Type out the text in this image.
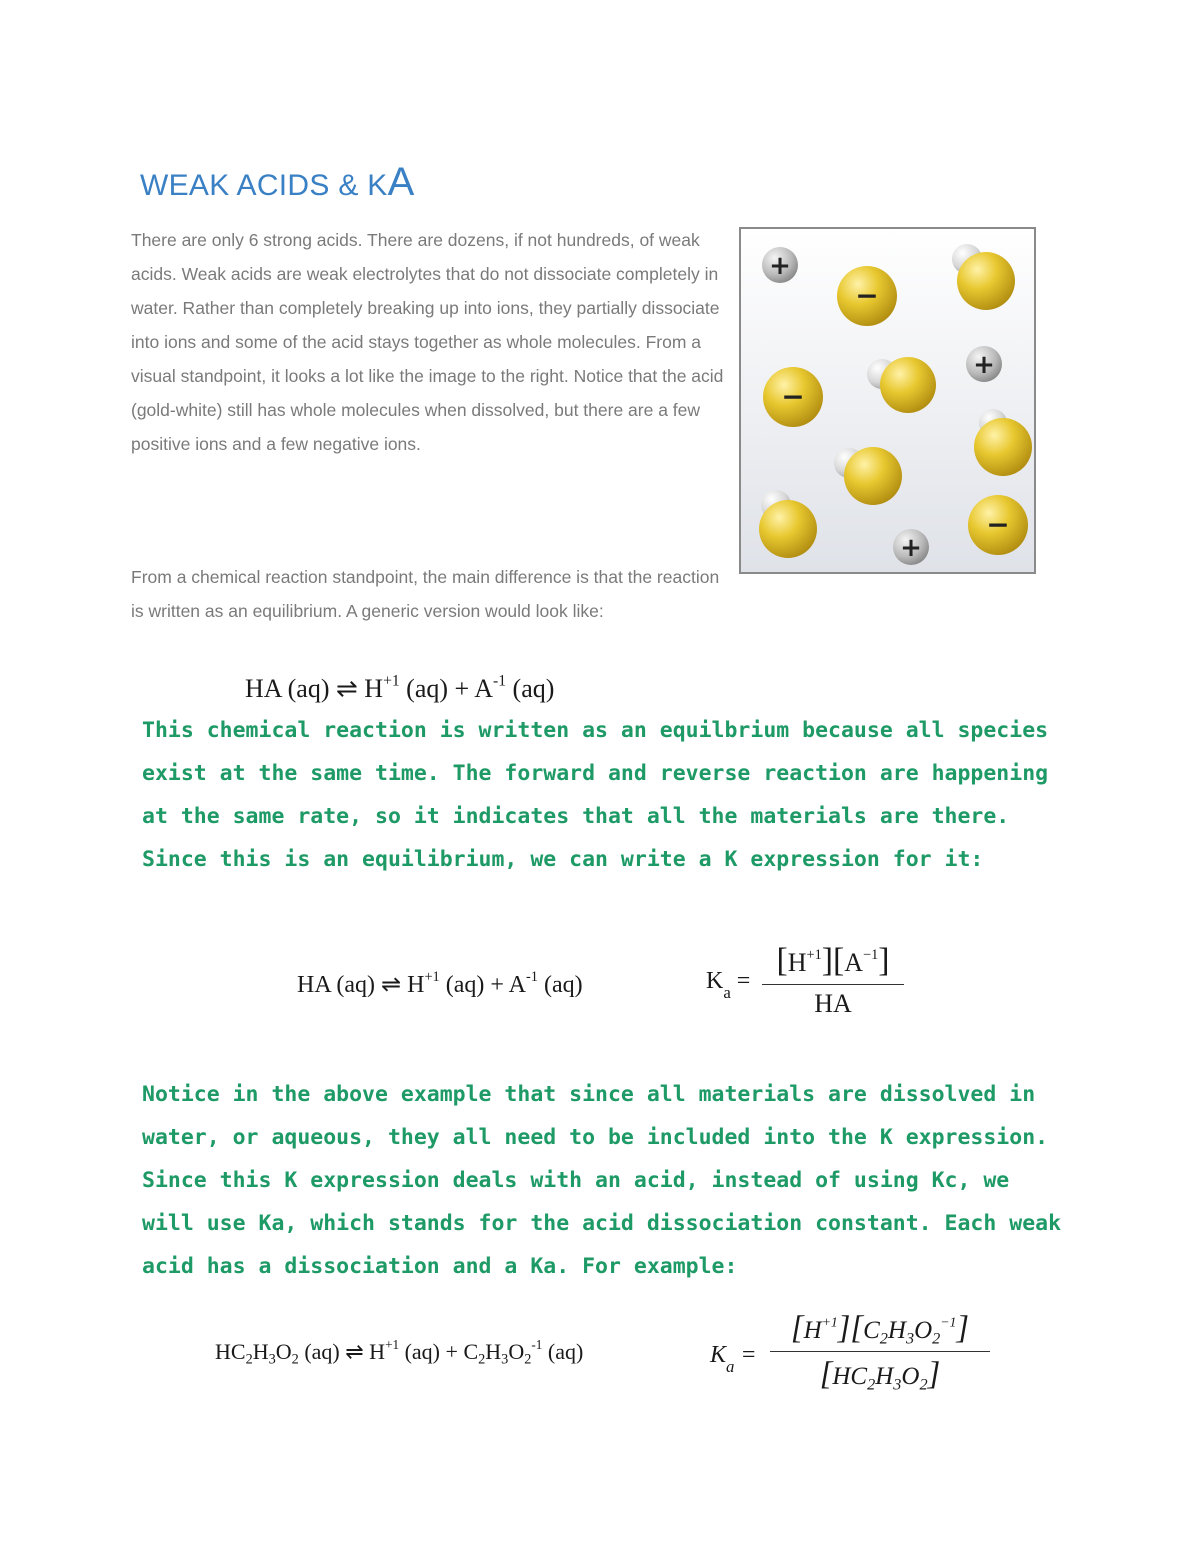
WEAK ACIDS & KA

There are only 6 strong acids. There are dozens, if not hundreds, of weak acids. Weak acids are weak electrolytes that do not dissociate completely in water. Rather than completely breaking up into ions, they partially dissociate into ions and some of the acid stays together as whole molecules. From a visual standpoint, it looks a lot like the image to the right. Notice that the acid (gold-white) still has whole molecules when dissolved, but there are a few positive ions and a few negative ions.

From a chemical reaction standpoint, the main difference is that the reaction is written as an equilibrium. A generic version would look like:

+
−
+
−
+
−
HA (aq) ⇌ $H^{+1}$ $(aq) + A^{-1}$ (aq)

This chemical reaction is written as an equilbrium because all species exist at the same time. The forward and reverse reaction are happening at the same rate, so it indicates that all the materials are there. Since this is an equilibrium, we can write a K expression for it:

HA (aq) ⇌ $H^{+1}$ $(aq) + A^{-1}$ (aq)	$K_a = \frac{[H^{+1}][A^{-1}]}{HA}$

Notice in the above example that since all materials are dissolved in water, or aqueous, they all need to be included into the K expression. Since this K expression deals with an acid, instead of using Kc, we will use Ka, which stands for the acid dissociation constant. Each weak acid has a dissociation and a Ka. For example:

$HC_2H_3O_2$ (aq) ⇌ $H^{+1}$ $(aq) + C_2H_3O_2^{-1}$ (aq)	$K_a = \frac{[H^{+1}][C_2H_3O_2^{-1}]}{[HC_2H_3O_2]}$
